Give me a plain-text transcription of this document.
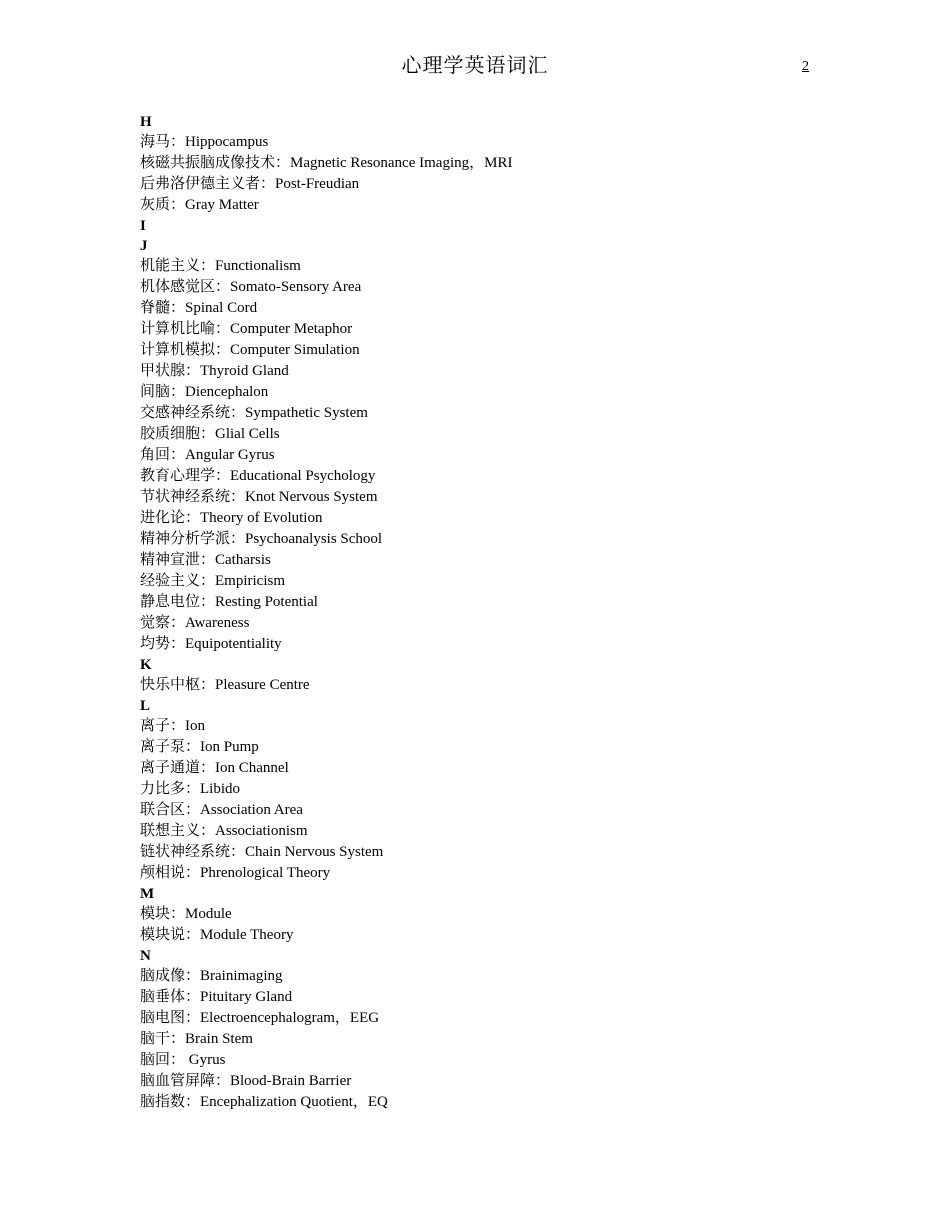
心理学英语词汇	2
H
海马：Hippocampus
核磁共振脑成像技术：Magnetic Resonance Imaging，MRI
后弗洛伊德主义者：Post-Freudian
灰质：Gray Matter
I
J
机能主义：Functionalism
机体感觉区：Somato-Sensory Area
脊髓：Spinal Cord
计算机比喻：Computer Metaphor
计算机模拟：Computer Simulation
甲状腺：Thyroid Gland
间脑：Diencephalon
交感神经系统：Sympathetic System
胶质细胞：Glial Cells
角回：Angular Gyrus
教育心理学：Educational Psychology
节状神经系统：Knot Nervous System
进化论：Theory of Evolution
精神分析学派：Psychoanalysis School
精神宣泄：Catharsis
经验主义：Empiricism
静息电位：Resting Potential
觉察：Awareness
均势：Equipotentiality
K
快乐中枢：Pleasure Centre
L
离子：Ion
离子泵：Ion Pump
离子通道：Ion Channel
力比多：Libido
联合区：Association Area
联想主义：Associationism
链状神经系统：Chain Nervous System
颅相说：Phrenological Theory
M
模块：Module
模块说：Module Theory
N
脑成像：Brainimaging
脑垂体：Pituitary Gland
脑电图：Electroencephalogram，EEG
脑干：Brain Stem
脑回： Gyrus
脑血管屏障：Blood-Brain Barrier
脑指数：Encephalization Quotient，EQ
